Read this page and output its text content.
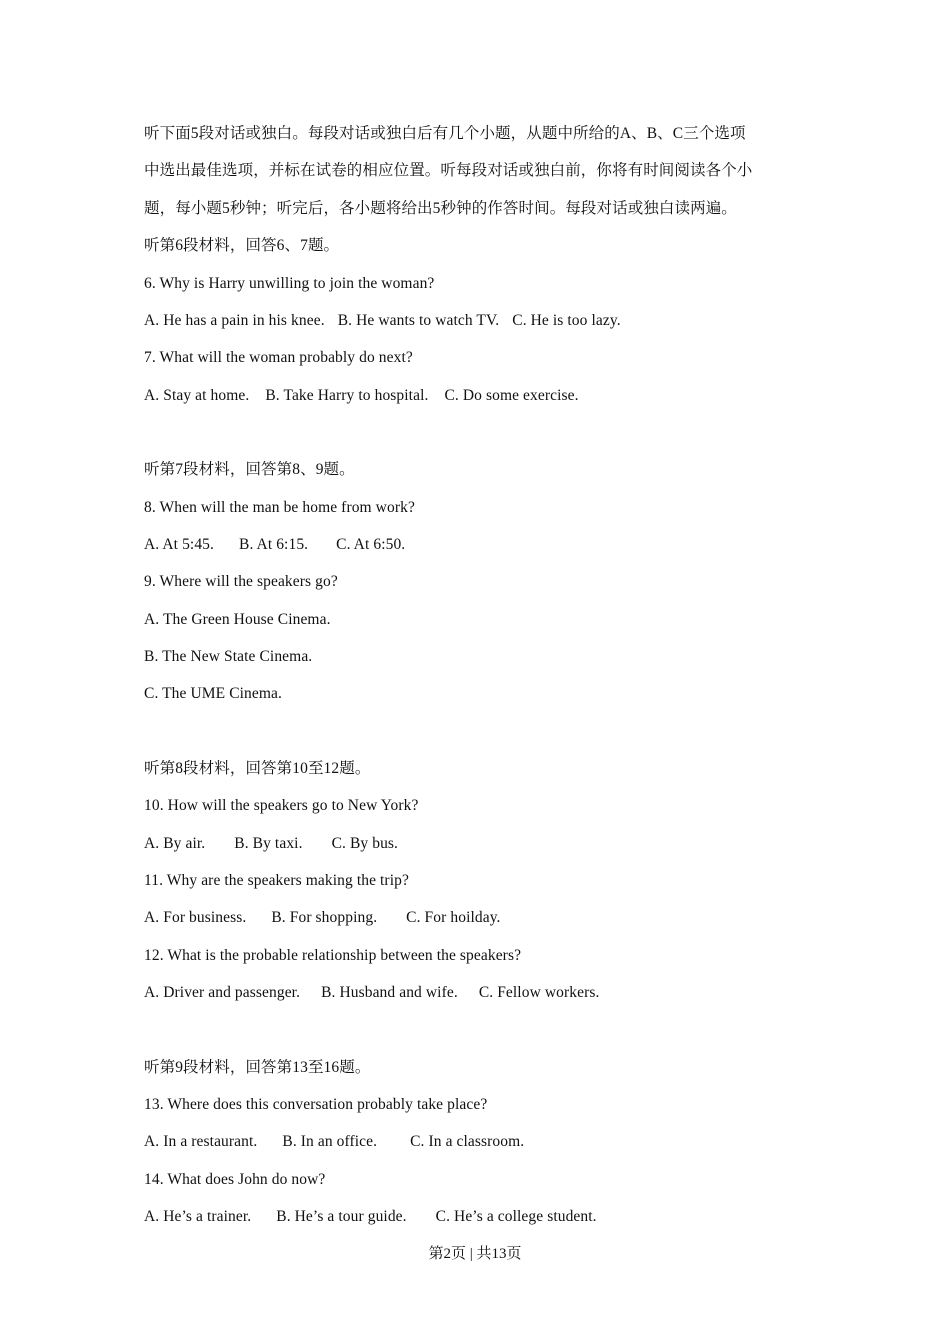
听下面5段对话或独白。每段对话或独白后有几个小题，从题中所给的A、B、C三个选项
中选出最佳选项，并标在试卷的相应位置。听每段对话或独白前，你将有时间阅读各个小
题，每小题5秒钟；听完后，各小题将给出5秒钟的作答时间。每段对话或独白读两遍。
听第6段材料，回答6、7题。
6. Why is Harry unwilling to join the woman?
A. He has a pain in his knee. B. He wants to watch TV. C. He is too lazy.
7. What will the woman probably do next?
A. Stay at home. B. Take Harry to hospital. C. Do some exercise.
听第7段材料，回答第8、9题。
8. When will the man be home from work?
A. At 5:45. B. At 6:15. C. At 6:50.
9. Where will the speakers go?
A. The Green House Cinema.
B. The New State Cinema.
C. The UME Cinema.
听第8段材料，回答第10至12题。
10. How will the speakers go to New York?
A. By air. B. By taxi. C. By bus.
11. Why are the speakers making the trip?
A. For business. B. For shopping. C. For hoilday.
12. What is the probable relationship between the speakers?
A. Driver and passenger. B. Husband and wife. C. Fellow workers.
听第9段材料，回答第13至16题。
13. Where does this conversation probably take place?
A. In a restaurant. B. In an office. C. In a classroom.
14. What does John do now?
A. He’s a trainer. B. He’s a tour guide. C. He’s a college student.
第2页 | 共13页
